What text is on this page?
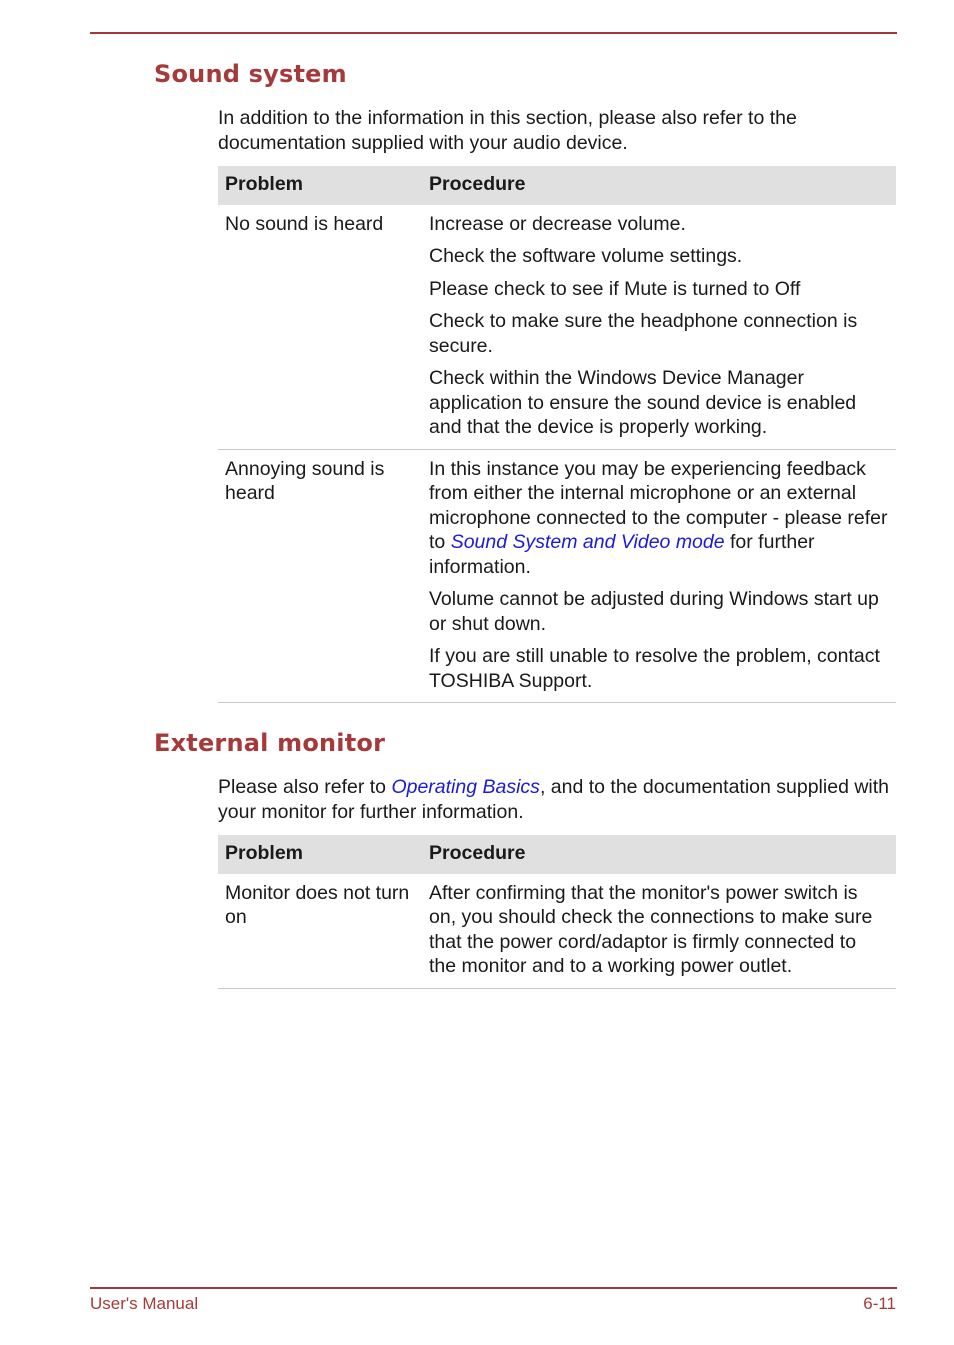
Sound system

In addition to the information in this section, please also refer to the documentation supplied with your audio device.

Problem	Procedure
No sound is heard	Increase or decrease volume.

Check the software volume settings.

Please check to see if Mute is turned to Off

Check to make sure the headphone connection is secure.

Check within the Windows Device Manager application to ensure the sound device is enabled and that the device is properly working.

Annoying sound is heard	In this instance you may be experiencing feedback from either the internal microphone or an external microphone connected to the computer - please refer to Sound System and Video mode for further information.

Volume cannot be adjusted during Windows start up or shut down.

If you are still unable to resolve the problem, contact TOSHIBA Support.

External monitor

Please also refer to Operating Basics, and to the documentation supplied with your monitor for further information.

Problem	Procedure
Monitor does not turn on	After confirming that the monitor's power switch is on, you should check the connections to make sure that the power cord/adaptor is firmly connected to the monitor and to a working power outlet.

User's Manual	6-11
